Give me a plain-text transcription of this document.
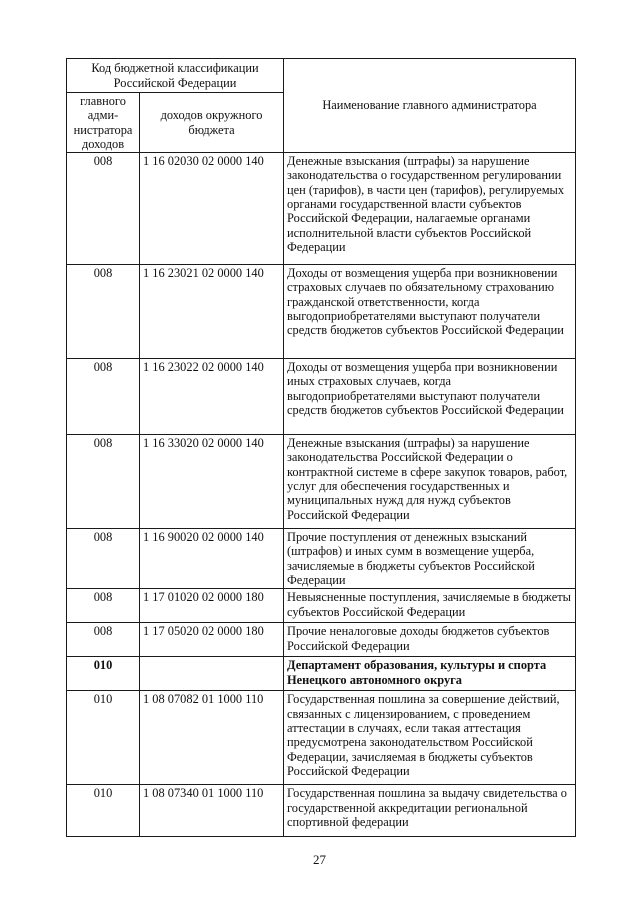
Код бюджетной классификации Российской Федерации		Наименование главного администратора
главного адми-нистратора доходов	доходов окружного бюджета	
008	1 16 02030 02 0000 140	Денежные взыскания (штрафы) за нарушение законодательства о государственном регулировании цен (тарифов), в части цен (тарифов), регулируемых органами государственной власти субъектов Российской Федерации, налагаемые органами исполнительной власти субъектов Российской Федерации
008	1 16 23021 02 0000 140	Доходы от возмещения ущерба при возникновении страховых случаев по обязательному страхованию гражданской ответственности, когда выгодоприобретателями выступают получатели средств бюджетов субъектов Российской Федерации
008	1 16 23022 02 0000 140	Доходы от возмещения ущерба при возникновении иных страховых случаев, когда выгодоприобретателями выступают получатели средств бюджетов субъектов Российской Федерации
008	1 16 33020 02 0000 140	Денежные взыскания (штрафы) за нарушение законодательства Российской Федерации о контрактной системе в сфере закупок товаров, работ, услуг для обеспечения государственных и муниципальных нужд для нужд субъектов Российской Федерации
008	1 16 90020 02 0000 140	Прочие поступления от денежных взысканий (штрафов) и иных сумм в возмещение ущерба, зачисляемые в бюджеты субъектов Российской Федерации
008	1 17 01020 02 0000 180	Невыясненные поступления, зачисляемые в бюджеты субъектов Российской Федерации
008	1 17 05020 02 0000 180	Прочие неналоговые доходы бюджетов субъектов Российской Федерации
010		Департамент образования, культуры и спорта Ненецкого автономного округа
010	1 08 07082 01 1000 110	Государственная пошлина за совершение действий, связанных с лицензированием, с проведением аттестации в случаях, если такая аттестация предусмотрена законодательством Российской Федерации, зачисляемая в бюджеты субъектов Российской Федерации
010	1 08 07340 01 1000 110	Государственная пошлина за выдачу свидетельства о государственной аккредитации региональной спортивной федерации
27
